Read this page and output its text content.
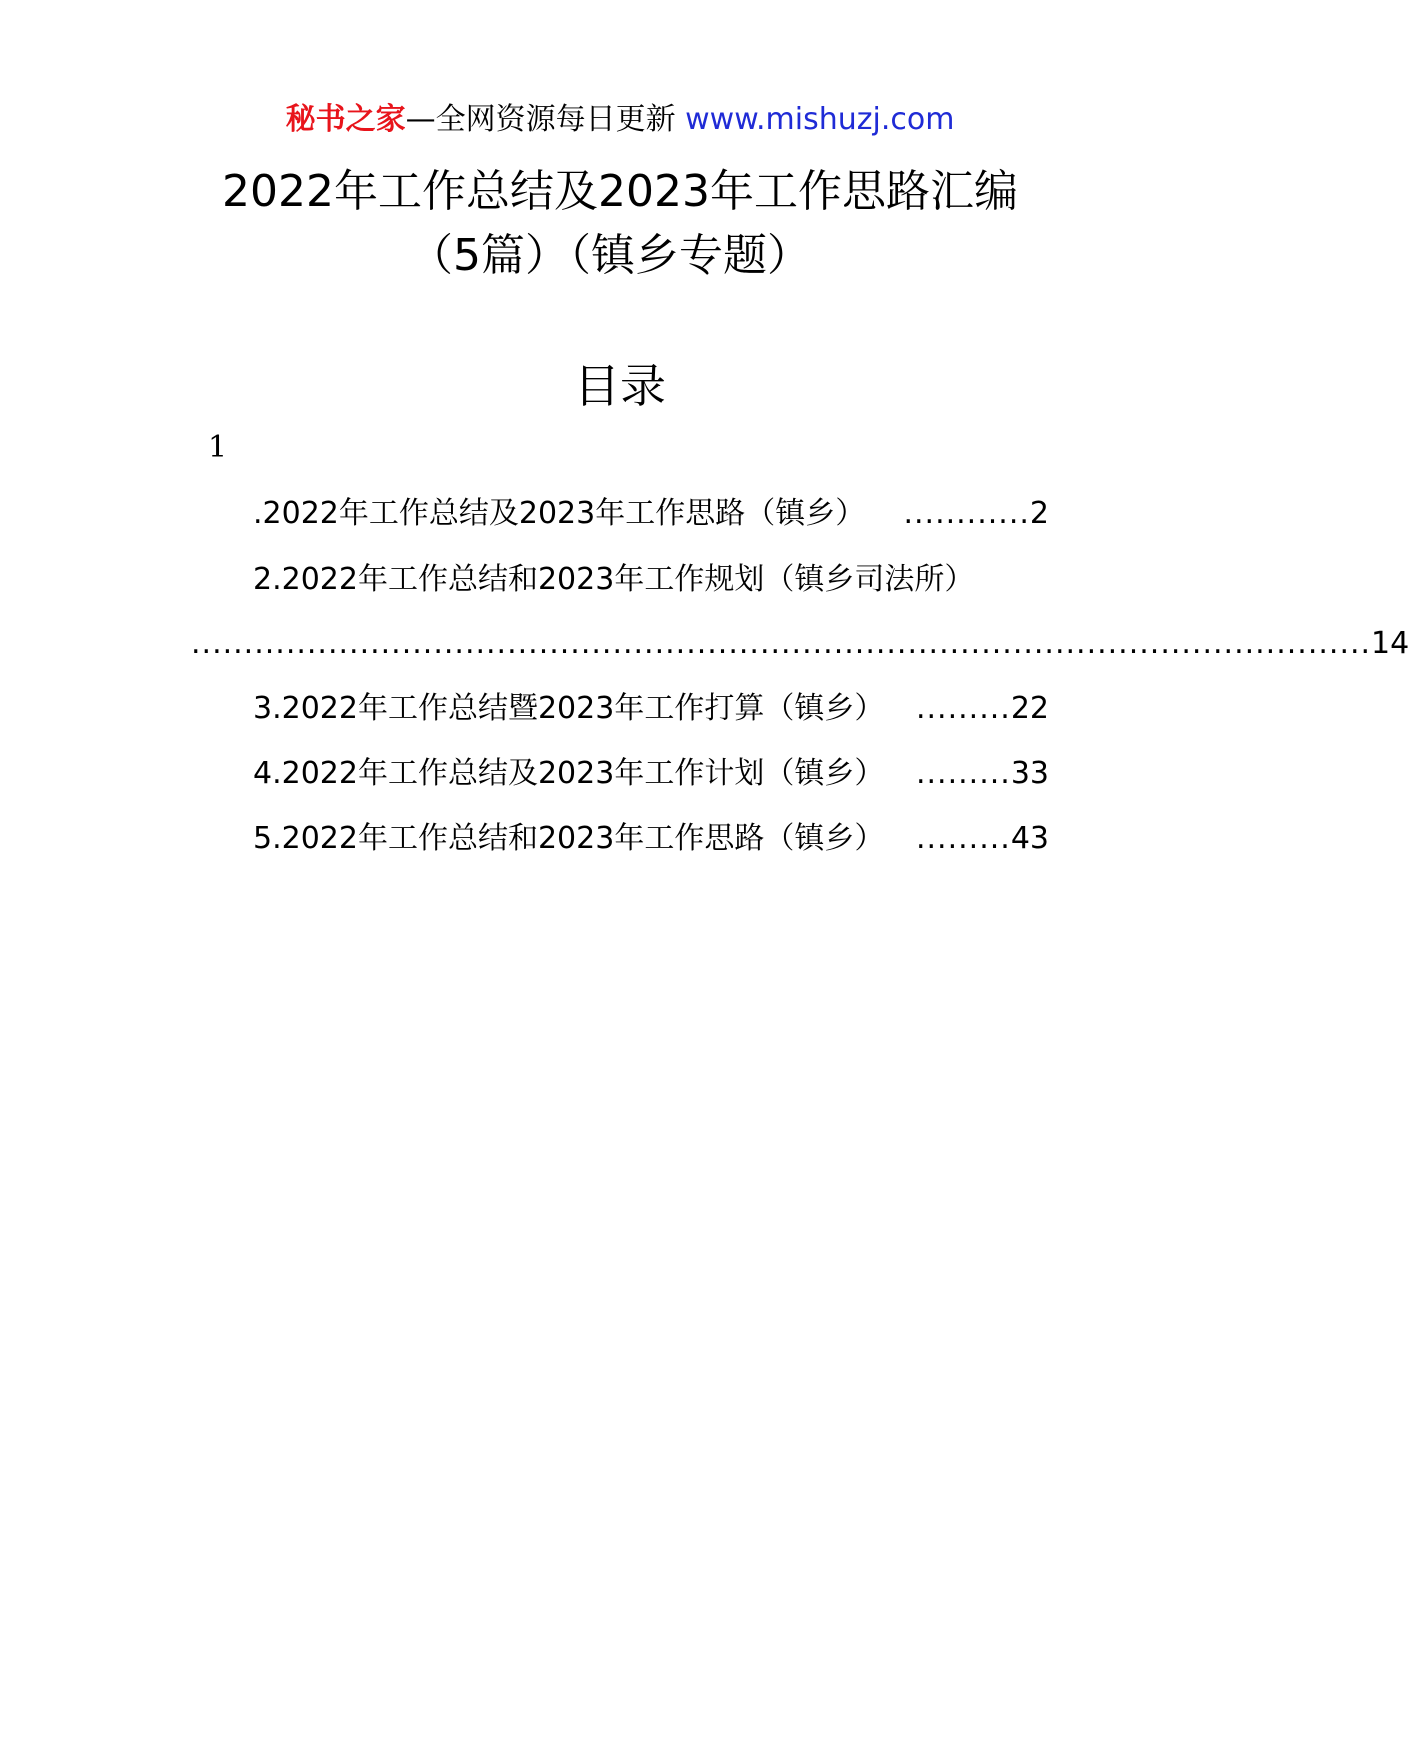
秘书之家—全网资源每日更新 www.mishuzj.com
2022年工作总结及2023年工作思路汇编
（5篇）（镇乡专题）
目录
1
.2022年工作总结及2023年工作思路（镇乡）	............ 2
2.2022年工作总结和2023年工作规划（镇乡司法所）
................................................................................................................ 14
3.2022年工作总结暨2023年工作打算（镇乡）	......... 22
4.2022年工作总结及2023年工作计划（镇乡）	......... 33
5.2022年工作总结和2023年工作思路（镇乡）	......... 43
